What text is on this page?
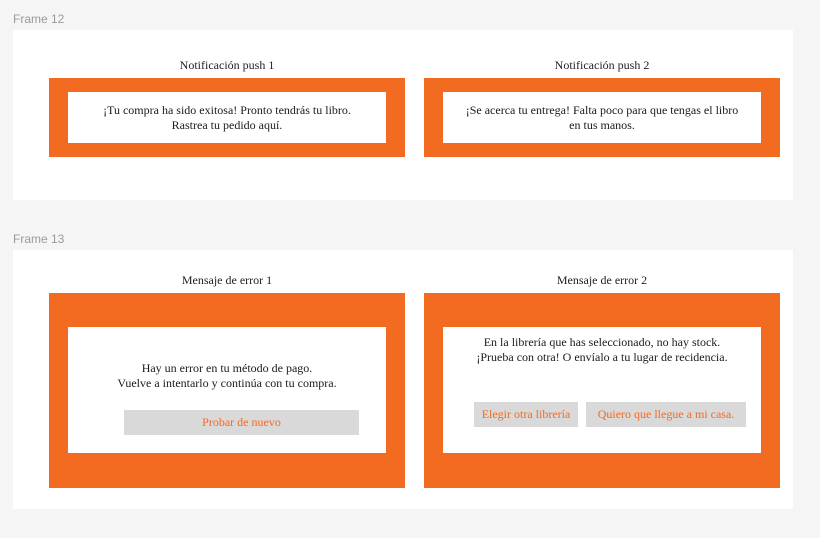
Frame 12
Notificación push 1
¡Tu compra ha sido exitosa! Pronto tendrás tu libro.
Rastrea tu pedido aquí.
Notificación push 2
¡Se acerca tu entrega! Falta poco para que tengas el libro
en tus manos.
Frame 13
Mensaje de error 1
Hay un error en tu método de pago.
Vuelve a intentarlo y continúa con tu compra.
Probar de nuevo
Mensaje de error 2
En la librería que has seleccionado, no hay stock.
¡Prueba con otra! O envíalo a tu lugar de recidencia.
Elegir otra librería	Quiero que llegue a mi casa.
